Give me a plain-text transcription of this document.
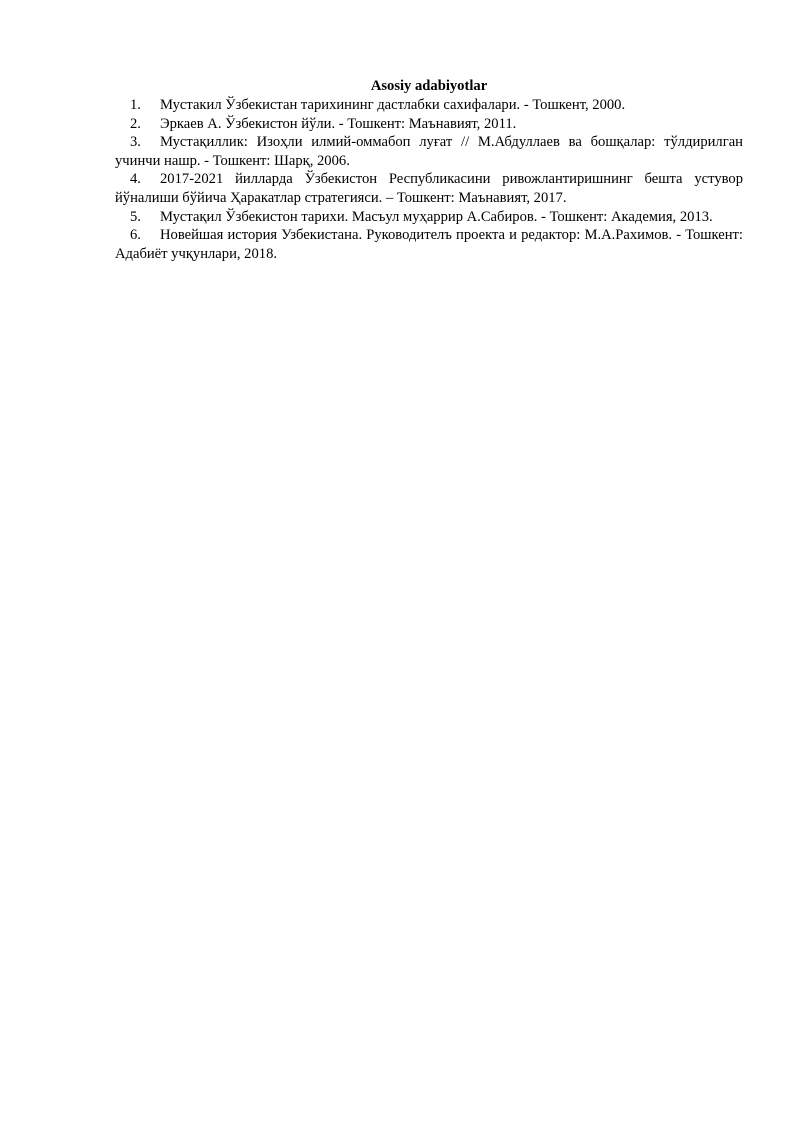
Asosiy adabiyotlar

1. Мустакил Ўзбекистан тарихининг дастлабки сахифалари. - Тошкент, 2000.

2. Эркаев А. Ўзбекистон йўли. - Тошкент: Маънавият, 2011.

3. Мустақиллик: Изоҳли илмий-оммабоп луғат // М.Абдуллаев ва бошқалар: тўлдирилган учинчи нашр. - Тошкент: Шарқ, 2006.

4. 2017-2021 йилларда Ўзбекистон Республикасини ривожлантиришнинг бешта устувор йўналиши бўйича Ҳаракатлар стратегияси. – Тошкент: Маънавият, 2017.

5. Мустақил Ўзбекистон тарихи. Масъул муҳаррир А.Сабиров. - Тошкент: Академия, 2013.

6. Новейшая история Узбекистана. Руководителъ проекта и редактор: М.А.Рахимов. - Тошкент: Адабиёт учқунлари, 2018.
